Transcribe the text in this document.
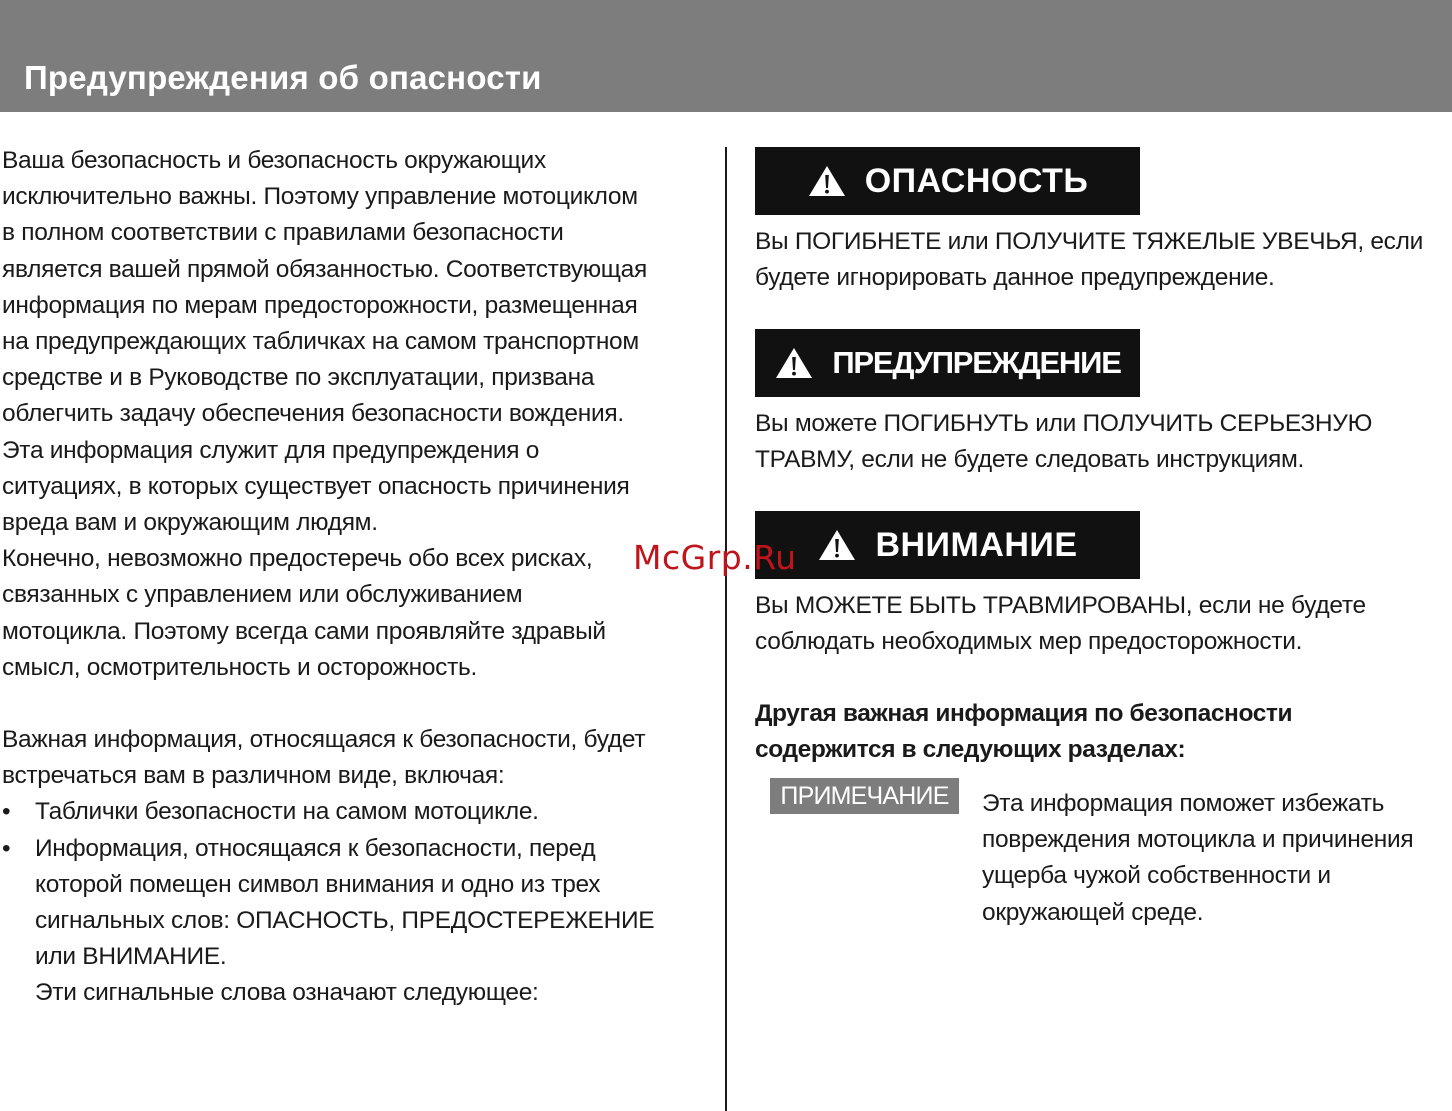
Предупреждения об опасности

Ваша безопасность и безопасность окружающих
исключительно важны. Поэтому управление мотоциклом
в полном соответствии с правилами безопасности
является вашей прямой обязанностью. Соответствующая
информация по мерам предосторожности, размещенная
на предупреждающих табличках на самом транспортном
средстве и в Руководстве по эксплуатации, призвана
облегчить задачу обеспечения безопасности вождения.
Эта информация служит для предупреждения о
ситуациях, в которых существует опасность причинения
вреда вам и окружающим людям.

Конечно, невозможно предостеречь обо всех рисках,
связанных с управлением или обслуживанием
мотоцикла. Поэтому всегда сами проявляйте здравый
смысл, осмотрительность и осторожность.

Важная информация, относящаяся к безопасности, будет
встречаться вам в различном виде, включая:

• Таблички безопасности на самом мотоцикле.
• Информация, относящаяся к безопасности, перед
которой помещен символ внимания и одно из трех
сигнальных слов: ОПАСНОСТЬ, ПРЕДОСТЕРЕЖЕНИЕ
или ВНИМАНИЕ.

Эти сигнальные слова означают следующее:

ОПАСНОСТЬ

Вы ПОГИБНЕТЕ или ПОЛУЧИТЕ ТЯЖЕЛЫЕ УВЕЧЬЯ, если
будете игнорировать данное предупреждение.

ПРЕДУПРЕЖДЕНИЕ

Вы можете ПОГИБНУТЬ или ПОЛУЧИТЬ СЕРЬЕЗНУЮ
ТРАВМУ, если не будете следовать инструкциям.

ВНИМАНИЕ

Вы МОЖЕТЕ БЫТЬ ТРАВМИРОВАНЫ, если не будете
соблюдать необходимых мер предосторожности.

Другая важная информация по безопасности
содержится в следующих разделах:

ПРИМЕЧАНИЕ	Эта информация поможет избежать
повреждения мотоцикла и причинения
ущерба чужой собственности и
окружающей среде.

McGrp.Ru
